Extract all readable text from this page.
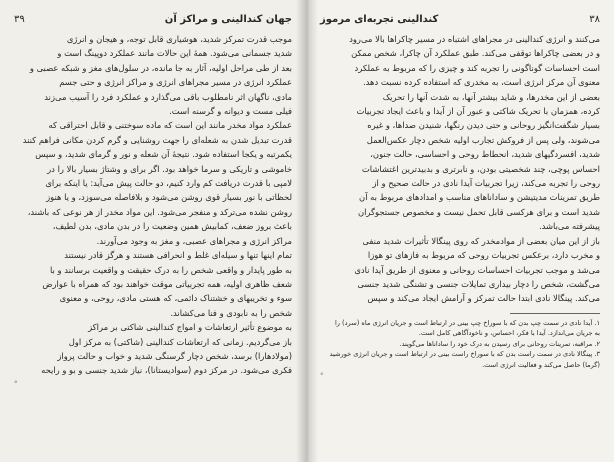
۳۹	جهان کندالینی و مراکز آن
موجب قدرت تمرکز شدید، هوشیاری قابل توجه، و هیجان و انرژی
شدید جسمانی می‌شود. همهٔ این حالات مانند عملکرد دوپینگ است و
بعد از طی مراحل اولیه، آثار به جا مانده، در سلول‌های مغز و شبکه عصبی و
عملکرد انرژی در مسیر مجراهای انرژی و مراکز انرژی و حتی جسم
مادی، ناگهان اثر نامطلوب باقی می‌گذارد و عملکرد فرد را آسیب می‌زند
فیلی مست و دیوانه و گرسنه است.
عملکرد مواد مخدر مانند این است که ماده سوختنی و قابل احتراقی که
قدرت تبدیل شدن به شعله‌ای را جهت روشنایی و گرم کردن مکانی فراهم کنند
یکمرتبه و یکجا استفاده شود. نتیجهٔ آن شعله و نور و گرمای شدید، و سپس
خاموشی و تاریکی و سرما خواهد بود. اگر برای و وشتاژ بسیار بالا را در
لامپی با قدرت دریافت کم وارد کنیم، دو حالت پیش می‌آید: یا اینکه برای
لحظاتی با نور بسیار قوی روشن می‌شود و بلافاصله می‌سوزد، و یا هنوز
روشن نشده می‌ترکد و منفجر می‌شود. این مواد مخدر از هر نوعی که باشند،
باعث بروز ضعف، کمابیش همین وضعیت را در بدن مادی، بدن لطیف،
مراکز انرژی و مجراهای عصبی، و مغز به وجود می‌آورند.
تمام اینها تنها و سیله‌ای غلط و انحرافی هستند و هرگز قادر نیستند
به طور پایدار و واقعی شخص را به درک حقیقت و واقعیت برسانند و با
شعف ظاهری اولیه، همه تجربیاتی موقت خواهند بود که همراه با عوارض
سوء و تخریبهای و خشتناک دائمی، که هستی مادی، روحی، و معنوی
شخص را به نابودی و فنا می‌کشاند.
به موضوع تأثیر ارتعاشات و امواج کندالینی شاکتی بر مراکز
باز می‌گردیم. زمانی که ارتعاشات کندالینی (شاکتی) به مرکز اول
(مولادهارا) برسد، شخص دچار گرسنگی شدید و خواب و حالت پرواز
فکری می‌شود. در مرکز دوم (سوادیستانا)، نیاز شدید جنسی و بو و رایحه
°
کندالینی تجربه‌ای مرموز	۳۸
می‌کنند و انرژی کندالینی در مجراهای اشتباه در مسیر چاکراها بالا می‌رود
و در بعضی چاکراها توقفی می‌کند. طبق عملکرد آن چاکرا، شخص ممکن
است احساسات گوناگونی را تجربه کند و چیزی را که مربوط به عملکرد
معنوی آن مرکز انرژی است، به مخدری که استفاده کرده نسبت دهد.
بعضی از این مخدرها، و شاید بیشتر آنها، به شدت آنها را تحریک
کرده، همزمان با تحریک شاکتی و عبور آن از آیدا و باعث ایجاد تجربیات
بسیار شگفت‌انگیز روحانی و حتی دیدن رنگها، شنیدن صداها، و غیره
می‌شوند، ولی پس از فروکش تجارب اولیه شخص دچار عکس‌العمل
شدید، افسردگیهای شدید، انحطاط روحی و احساسی، حالت جنون،
احساس پوچی، چند شخصیتی بودن، و نابرتری و بدبیدترین اغتشاشات
روحی را تجربه می‌کند، زیرا تجربیات آیدا نادی در حالت صحیح و از
طریق تمرینات مدیتیشن و ساداناهای مناسب و امدادهای مربوط به آن
شدید است و برای هرکسی قابل تحمل نیست و مخصوص جستجوگران
پیشرفته می‌باشد.
باز از این میان بعضی از موادمخدر که روی پینگالا تأثیرات شدید منفی
و مخرب دارد، برعکس تجربیات روحی که مربوط به فازهای تو هوزا
می‌شد و موجب تجربیات احساسات روحانی و معنوی از طریق آیدا نادی
می‌گشت، شخص را دچار بیداری تمایلات جنسی و تشنگی شدید جنسی
می‌کند. پینگالا نادی ابتدا حالت تمرکز و آرامش ایجاد می‌کند و سپس
۱. آیدا نادی در سمت چپ بدن که با سوراخ چپ بینی در ارتباط است و جریان انرژی ماه (سرد) را
به جریان می‌اندازد. آیدا با فکر، احساس، و ناخودآگاهی کامل است.
۲. مراقبه، تمرینات روحانی برای رسیدن به درک خود را ساداناها می‌گویند.
۳. پینگالا نادی در سمت راست بدن که با سوراخ راست بینی در ارتباط است و جریان انرژی خورشید
(گرما) حاصل می‌کند و فعالیت انرژی است.
°
